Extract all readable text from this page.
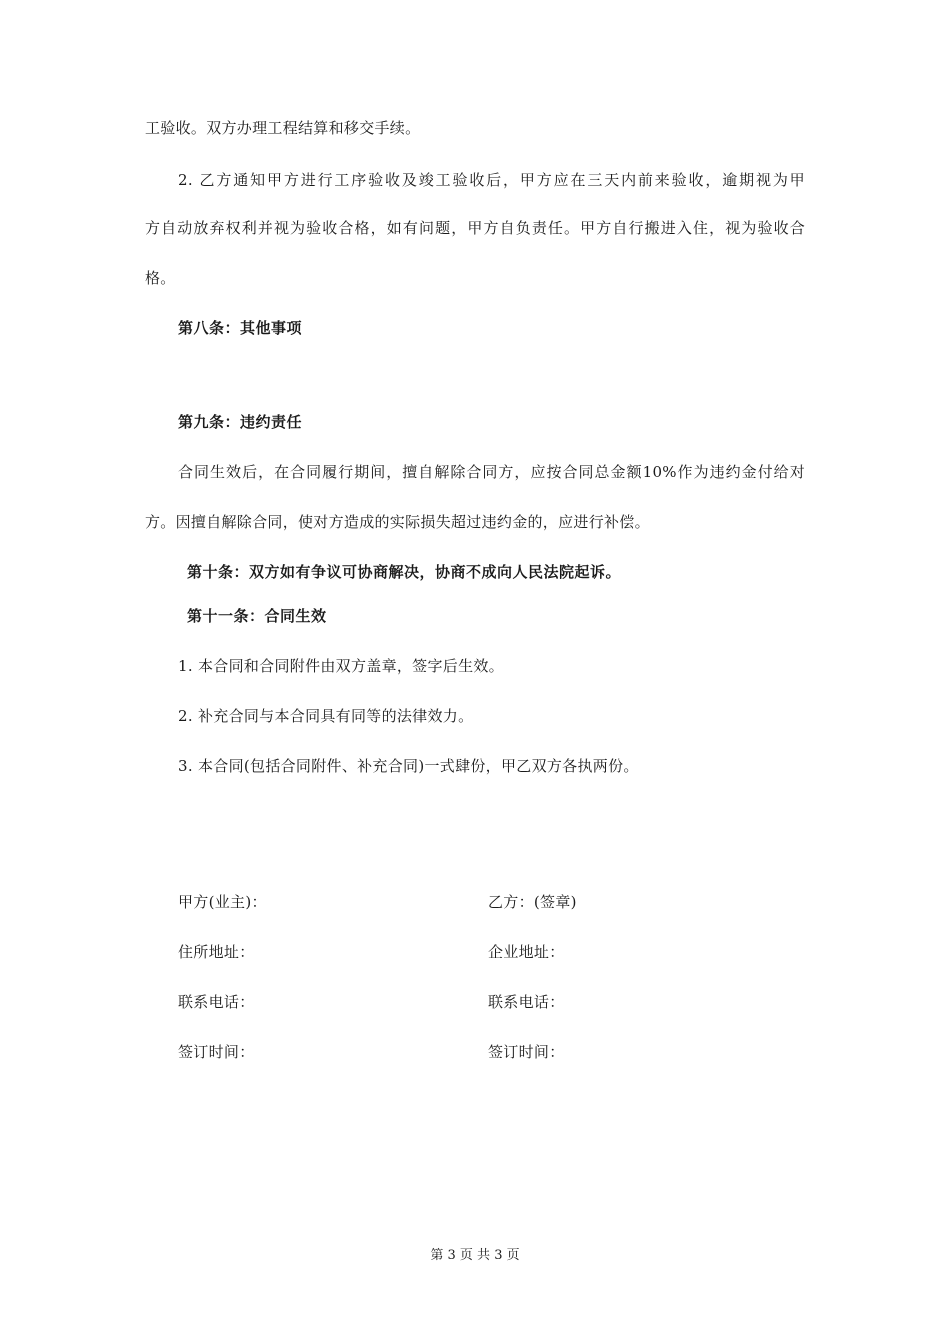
工验收。双方办理工程结算和移交手续。
2. 乙方通知甲方进行工序验收及竣工验收后，甲方应在三天内前来验收，逾期视为甲
方自动放弃权利并视为验收合格，如有问题，甲方自负责任。甲方自行搬进入住，视为验收合
格。
第八条：其他事项
第九条：违约责任
合同生效后，在合同履行期间，擅自解除合同方，应按合同总金额10%作为违约金付给对
方。因擅自解除合同，使对方造成的实际损失超过违约金的，应进行补偿。
第十条：双方如有争议可协商解决，协商不成向人民法院起诉。
第十一条：合同生效
1. 本合同和合同附件由双方盖章，签字后生效。
2. 补充合同与本合同具有同等的法律效力。
3. 本合同(包括合同附件、补充合同)一式肆份，甲乙双方各执两份。
甲方(业主)：	乙方：(签章)
住所地址：	企业地址：
联系电话：	联系电话：
签订时间：	签订时间：
第 3 页 共 3 页
